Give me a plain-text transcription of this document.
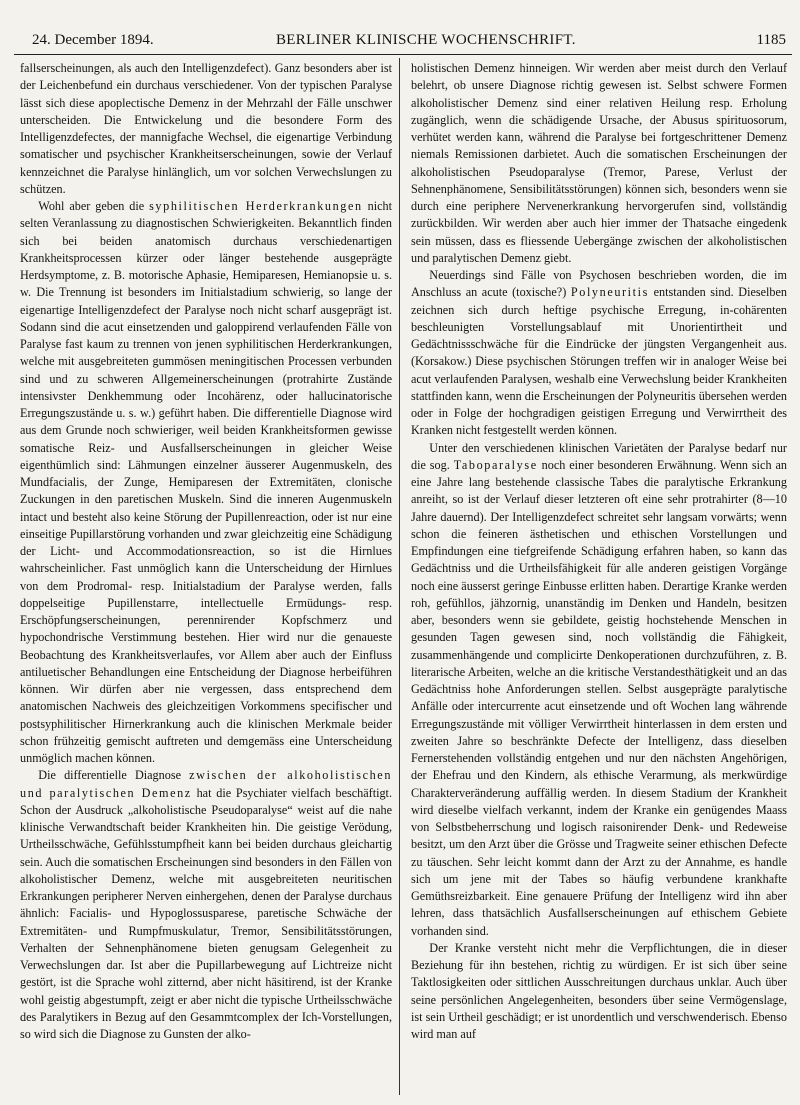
24. December 1894.	BERLINER KLINISCHE WOCHENSCHRIFT.	1185

fallserscheinungen, als auch den Intelligenzdefect). Ganz besonders aber ist der Leichenbefund ein durchaus verschiedener. Von der typischen Paralyse lässt sich diese apoplectische Demenz in der Mehrzahl der Fälle unschwer unterscheiden. Die Entwickelung und die besondere Form des Intelligenzdefectes, der mannigfache Wechsel, die eigenartige Verbindung somatischer und psychischer Krankheitserscheinungen, sowie der Verlauf kennzeichnet die Paralyse hinlänglich, um vor solchen Verwechslungen zu schützen.

Wohl aber geben die syphilitischen Herderkrankungen nicht selten Veranlassung zu diagnostischen Schwierigkeiten. Bekanntlich finden sich bei beiden anatomisch durchaus verschiedenartigen Krankheitsprocessen kürzer oder länger bestehende ausgeprägte Herdsymptome, z. B. motorische Aphasie, Hemiparesen, Hemianopsie u. s. w. Die Trennung ist besonders im Initialstadium schwierig, so lange der eigenartige Intelligenzdefect der Paralyse noch nicht scharf ausgeprägt ist. Sodann sind die acut einsetzenden und galoppirend verlaufenden Fälle von Paralyse fast kaum zu trennen von jenen syphilitischen Herderkrankungen, welche mit ausgebreiteten gummösen meningitischen Processen verbunden sind und zu schweren Allgemeinerscheinungen (protrahirte Zustände intensivster Denkhemmung oder Incohärenz, oder hallucinatorische Erregungszustände u. s. w.) geführt haben. Die differentielle Diagnose wird aus dem Grunde noch schwieriger, weil beiden Krankheitsformen gewisse somatische Reiz- und Ausfallserscheinungen in gleicher Weise eigenthümlich sind: Lähmungen einzelner äusserer Augenmuskeln, des Mundfacialis, der Zunge, Hemiparesen der Extremitäten, clonische Zuckungen in den paretischen Muskeln. Sind die inneren Augenmuskeln intact und besteht also keine Störung der Pupillenreaction, oder ist nur eine einseitige Pupillarstörung vorhanden und zwar gleichzeitig eine Schädigung der Licht- und Accommodationsreaction, so ist die Hirnlues wahrscheinlicher. Fast unmöglich kann die Unterscheidung der Hirnlues von dem Prodromal- resp. Initialstadium der Paralyse werden, falls doppelseitige Pupillenstarre, intellectuelle Ermüdungs- resp. Erschöpfungserscheinungen, perennirender Kopfschmerz und hypochondrische Verstimmung bestehen. Hier wird nur die genaueste Beobachtung des Krankheitsverlaufes, vor Allem aber auch der Einfluss antiluetischer Behandlungen eine Entscheidung der Diagnose herbeiführen können. Wir dürfen aber nie vergessen, dass entsprechend dem anatomischen Nachweis des gleichzeitigen Vorkommens specifischer und postsyphilitischer Hirnerkrankung auch die klinischen Merkmale beider schon frühzeitig gemischt auftreten und demgemäss eine Unterscheidung unmöglich machen können.

Die differentielle Diagnose zwischen der alkoholistischen und paralytischen Demenz hat die Psychiater vielfach beschäftigt. Schon der Ausdruck „alkoholistische Pseudoparalyse“ weist auf die nahe klinische Verwandtschaft beider Krankheiten hin. Die geistige Verödung, Urtheilsschwäche, Gefühlsstumpfheit kann bei beiden durchaus gleichartig sein. Auch die somatischen Erscheinungen sind besonders in den Fällen von alkoholistischer Demenz, welche mit ausgebreiteten neuritischen Erkrankungen peripherer Nerven einhergehen, denen der Paralyse durchaus ähnlich: Facialis- und Hypoglossusparese, paretische Schwäche der Extremitäten- und Rumpfmuskulatur, Tremor, Sensibilitätsstörungen, Verhalten der Sehnenphänomene bieten genugsam Gelegenheit zu Verwechslungen dar. Ist aber die Pupillarbewegung auf Lichtreize nicht gestört, ist die Sprache wohl zitternd, aber nicht häsitirend, ist der Kranke wohl geistig abgestumpft, zeigt er aber nicht die typische Urtheilsschwäche des Paralytikers in Bezug auf den Gesammtcomplex der Ich-Vorstellungen, so wird sich die Diagnose zu Gunsten der alko-

holistischen Demenz hinneigen. Wir werden aber meist durch den Verlauf belehrt, ob unsere Diagnose richtig gewesen ist. Selbst schwere Formen alkoholistischer Demenz sind einer relativen Heilung resp. Erholung zugänglich, wenn die schädigende Ursache, der Abusus spirituosorum, verhütet werden kann, während die Paralyse bei fortgeschrittener Demenz niemals Remissionen darbietet. Auch die somatischen Erscheinungen der alkoholistischen Pseudoparalyse (Tremor, Parese, Verlust der Sehnenphänomene, Sensibilitätsstörungen) können sich, besonders wenn sie durch eine periphere Nervenerkrankung hervorgerufen sind, vollständig zurückbilden. Wir werden aber auch hier immer der Thatsache eingedenk sein müssen, dass es fliessende Uebergänge zwischen der alkoholistischen und paralytischen Demenz giebt.

Neuerdings sind Fälle von Psychosen beschrieben worden, die im Anschluss an acute (toxische?) Polyneuritis entstanden sind. Dieselben zeichnen sich durch heftige psychische Erregung, in-cohärenten beschleunigten Vorstellungsablauf mit Unorientirtheit und Gedächtnissschwäche für die Eindrücke der jüngsten Vergangenheit aus. (Korsakow.) Diese psychischen Störungen treffen wir in analoger Weise bei acut verlaufenden Paralysen, weshalb eine Verwechslung beider Krankheiten stattfinden kann, wenn die Erscheinungen der Polyneuritis übersehen werden oder in Folge der hochgradigen geistigen Erregung und Verwirrtheit des Kranken nicht festgestellt werden können.

Unter den verschiedenen klinischen Varietäten der Paralyse bedarf nur die sog. Taboparalyse noch einer besonderen Erwähnung. Wenn sich an eine Jahre lang bestehende classische Tabes die paralytische Erkrankung anreiht, so ist der Verlauf dieser letzteren oft eine sehr protrahirter (8—10 Jahre dauernd). Der Intelligenzdefect schreitet sehr langsam vorwärts; wenn schon die feineren ästhetischen und ethischen Vorstellungen und Empfindungen eine tiefgreifende Schädigung erfahren haben, so kann das Gedächtniss und die Urtheilsfähigkeit für alle anderen geistigen Vorgänge noch eine äusserst geringe Einbusse erlitten haben. Derartige Kranke werden roh, gefühllos, jähzornig, unanständig im Denken und Handeln, besitzen aber, besonders wenn sie gebildete, geistig hochstehende Menschen in gesunden Tagen gewesen sind, noch vollständig die Fähigkeit, zusammenhängende und complicirte Denkoperationen durchzuführen, z. B. literarische Arbeiten, welche an die kritische Verstandesthätigkeit und an das Gedächtniss hohe Anforderungen stellen. Selbst ausgeprägte paralytische Anfälle oder intercurrente acut einsetzende und oft Wochen lang währende Erregungszustände mit völliger Verwirrtheit hinterlassen in dem ersten und zweiten Jahre so beschränkte Defecte der Intelligenz, dass dieselben Fernerstehenden vollständig entgehen und nur den nächsten Angehörigen, der Ehefrau und den Kindern, als ethische Verarmung, als merkwürdige Charakterveränderung auffällig werden. In diesem Stadium der Krankheit wird dieselbe vielfach verkannt, indem der Kranke ein genügendes Maass von Selbstbeherrschung und logisch raisonirender Denk- und Redeweise besitzt, um den Arzt über die Grösse und Tragweite seiner ethischen Defecte zu täuschen. Sehr leicht kommt dann der Arzt zu der Annahme, es handle sich um jene mit der Tabes so häufig verbundene krankhafte Gemüthsreizbarkeit. Eine genauere Prüfung der Intelligenz wird ihn aber lehren, dass thatsächlich Ausfallserscheinungen auf ethischem Gebiete vorhanden sind.

Der Kranke versteht nicht mehr die Verpflichtungen, die in dieser Beziehung für ihn bestehen, richtig zu würdigen. Er ist sich über seine Taktlosigkeiten oder sittlichen Ausschreitungen durchaus unklar. Auch über seine persönlichen Angelegenheiten, besonders über seine Vermögenslage, ist sein Urtheil geschädigt; er ist unordentlich und verschwenderisch. Ebenso wird man auf
